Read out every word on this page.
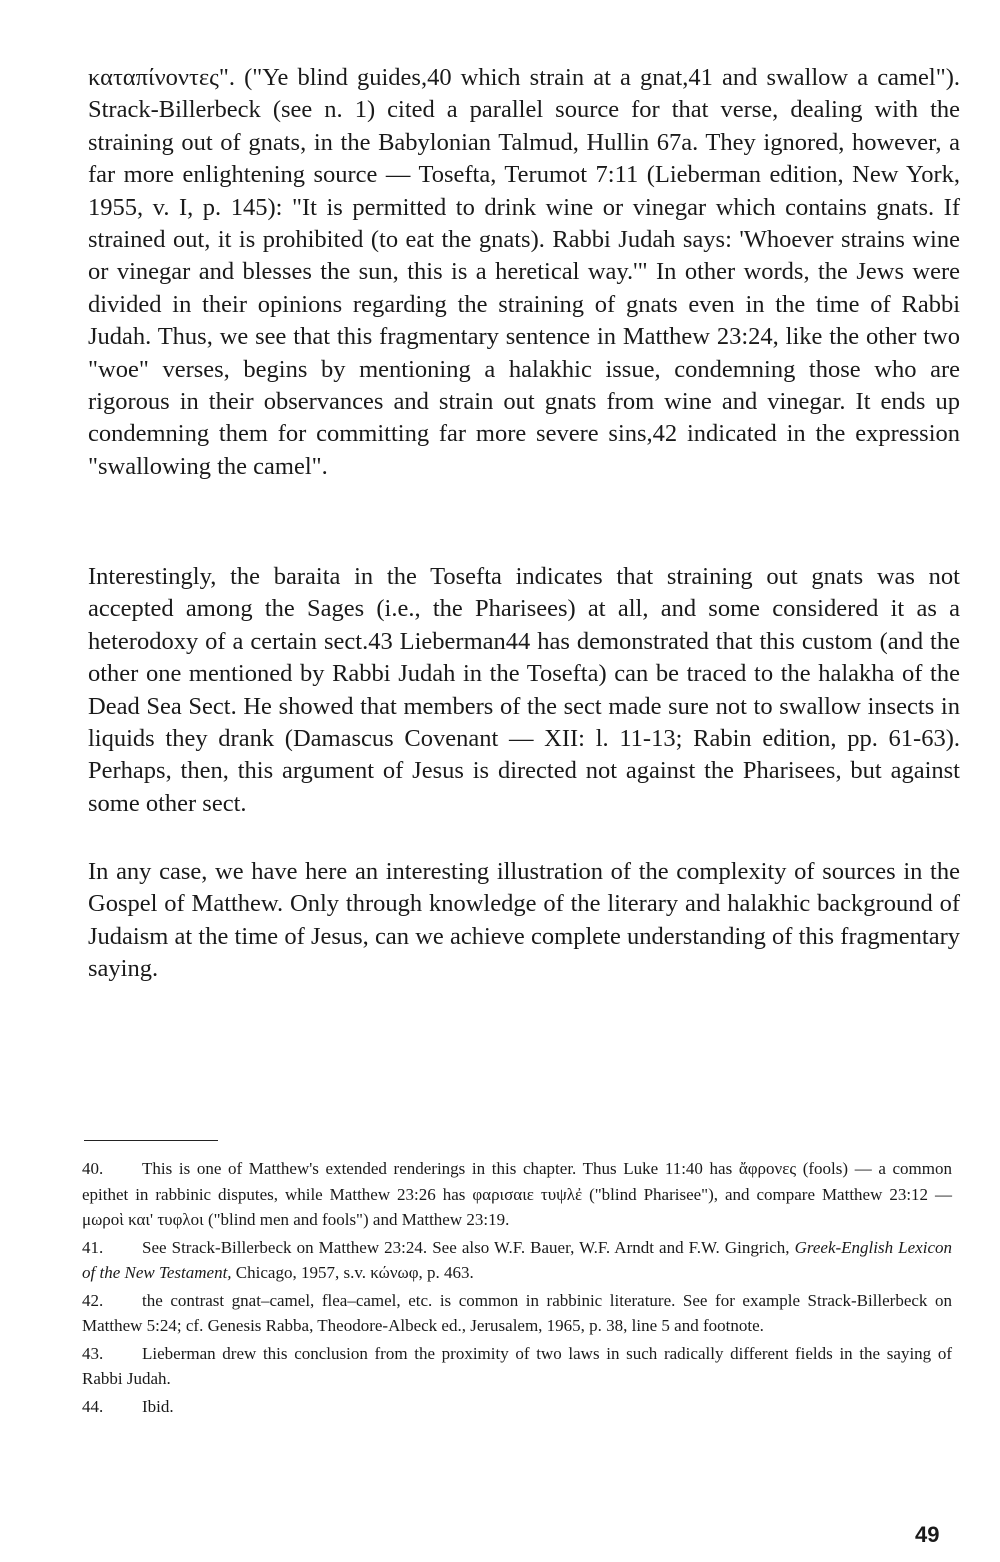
καταπίνοντες". ("Ye blind guides,40 which strain at a gnat,41 and swallow a camel"). Strack-Billerbeck (see n. 1) cited a parallel source for that verse, dealing with the straining out of gnats, in the Babylonian Talmud, Hullin 67a. They ignored, however, a far more enlightening source — Tosefta, Terumot 7:11 (Lieberman edition, New York, 1955, v. I, p. 145): "It is permitted to drink wine or vinegar which contains gnats. If strained out, it is prohibited (to eat the gnats). Rabbi Judah says: 'Whoever strains wine or vinegar and blesses the sun, this is a heretical way.'" In other words, the Jews were divided in their opinions regarding the straining of gnats even in the time of Rabbi Judah. Thus, we see that this fragmentary sentence in Matthew 23:24, like the other two "woe" verses, begins by mentioning a halakhic issue, condemning those who are rigorous in their observances and strain out gnats from wine and vinegar. It ends up condemning them for committing far more severe sins,42 indicated in the expression "swallowing the camel".

Interestingly, the baraita in the Tosefta indicates that straining out gnats was not accepted among the Sages (i.e., the Pharisees) at all, and some considered it as a heterodoxy of a certain sect.43 Lieberman44 has demonstrated that this custom (and the other one mentioned by Rabbi Judah in the Tosefta) can be traced to the halakha of the Dead Sea Sect. He showed that members of the sect made sure not to swallow insects in liquids they drank (Damascus Covenant — XII: l. 11-13; Rabin edition, pp. 61-63). Perhaps, then, this argument of Jesus is directed not against the Pharisees, but against some other sect.

In any case, we have here an interesting illustration of the complexity of sources in the Gospel of Matthew. Only through knowledge of the literary and halakhic background of Judaism at the time of Jesus, can we achieve complete understanding of this fragmentary saying.

40. This is one of Matthew's extended renderings in this chapter. Thus Luke 11:40 has ἄφρονες (fools) — a common epithet in rabbinic disputes, while Matthew 23:26 has φαρισαιε τυψλἐ ("blind Pharisee"), and compare Matthew 23:12 — μωροὶ και' τυφλοι ("blind men and fools") and Matthew 23:19.

41. See Strack-Billerbeck on Matthew 23:24. See also W.F. Bauer, W.F. Arndt and F.W. Gingrich, Greek-English Lexicon of the New Testament, Chicago, 1957, s.v. κώνωφ, p. 463.

42. the contrast gnat–camel, flea–camel, etc. is common in rabbinic literature. See for example Strack-Billerbeck on Matthew 5:24; cf. Genesis Rabba, Theodore-Albeck ed., Jerusalem, 1965, p. 38, line 5 and footnote.

43. Lieberman drew this conclusion from the proximity of two laws in such radically different fields in the saying of Rabbi Judah.

44. Ibid.

49
